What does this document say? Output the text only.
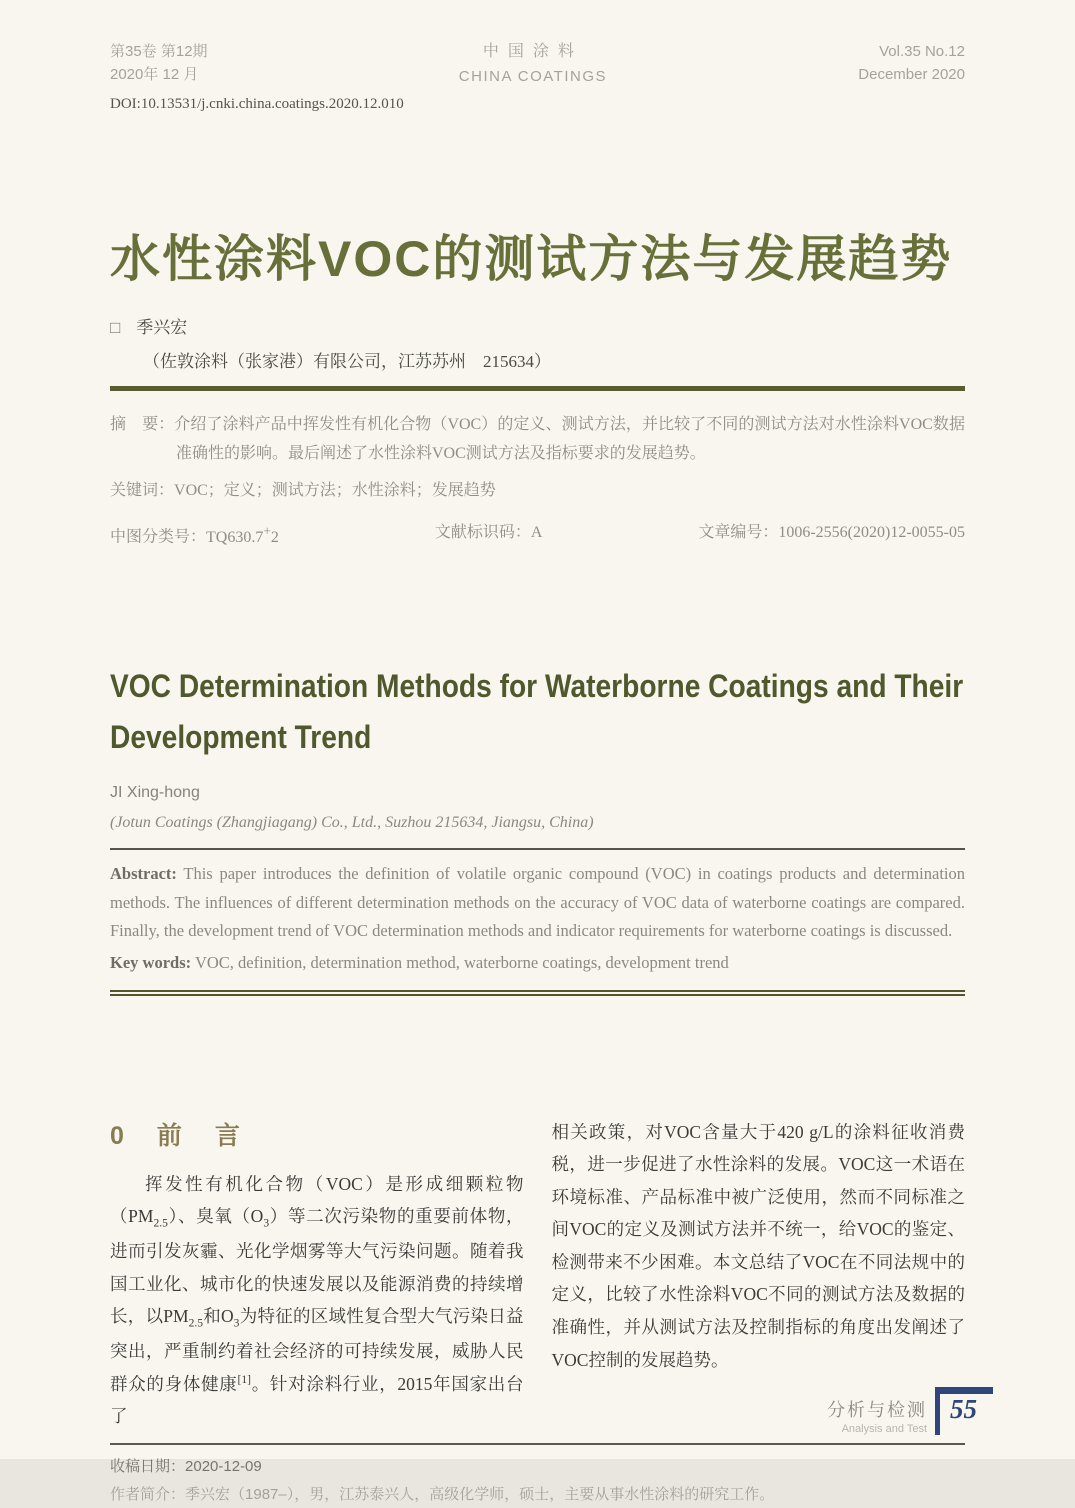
第35卷 第12期
2020年 12 月
中国涂料
CHINA COATINGS
Vol.35 No.12
December 2020
DOI:10.13531/j.cnki.china.coatings.2020.12.010
水性涂料VOC的测试方法与发展趋势
□ 季兴宏
（佐敦涂料（张家港）有限公司，江苏苏州　215634）

摘　要：介绍了涂料产品中挥发性有机化合物（VOC）的定义、测试方法，并比较了不同的测试方法对水性涂料VOC数据准确性的影响。最后阐述了水性涂料VOC测试方法及指标要求的发展趋势。

关键词：VOC；定义；测试方法；水性涂料；发展趋势

中图分类号：TQ630.7+2	文献标识码：A	文章编号：1006-2556(2020)12-0055-05
VOC Determination Methods for Waterborne Coatings and Their Development Trend
JI Xing-hong
(Jotun Coatings (Zhangjiagang) Co., Ltd., Suzhou 215634, Jiangsu, China)

Abstract: This paper introduces the definition of volatile organic compound (VOC) in coatings products and determination methods. The influences of different determination methods on the accuracy of VOC data of waterborne coatings are compared. Finally, the development trend of VOC determination methods and indicator requirements for waterborne coatings is discussed.

Key words: VOC, definition, determination method, waterborne coatings, development trend

0　前　言

挥发性有机化合物（VOC）是形成细颗粒物$(PM_{2.5})$、臭氧$(O_3)$等二次污染物的重要前体物，进而引发灰霾、光化学烟雾等大气污染问题。随着我国工业化、城市化的快速发展以及能源消费的持续增长，以$PM_{2.5}$和$O_3$为特征的区域性复合型大气污染日益突出，严重制约着社会经济的可持续发展，威胁人民群众的身体健康[1]。针对涂料行业，2015年国家出台了

相关政策，对VOC含量大于420 g/L的涂料征收消费税，进一步促进了水性涂料的发展。VOC这一术语在环境标准、产品标准中被广泛使用，然而不同标准之间VOC的定义及测试方法并不统一，给VOC的鉴定、检测带来不少困难。本文总结了VOC在不同法规中的定义，比较了水性涂料VOC不同的测试方法及数据的准确性，并从测试方法及控制指标的角度出发阐述了VOC控制的发展趋势。

收稿日期：2020-12-09
作者简介：季兴宏（1987–），男，江苏泰兴人，高级化学师，硕士，主要从事水性涂料的研究工作。
分析与检测
Analysis and Test
55
